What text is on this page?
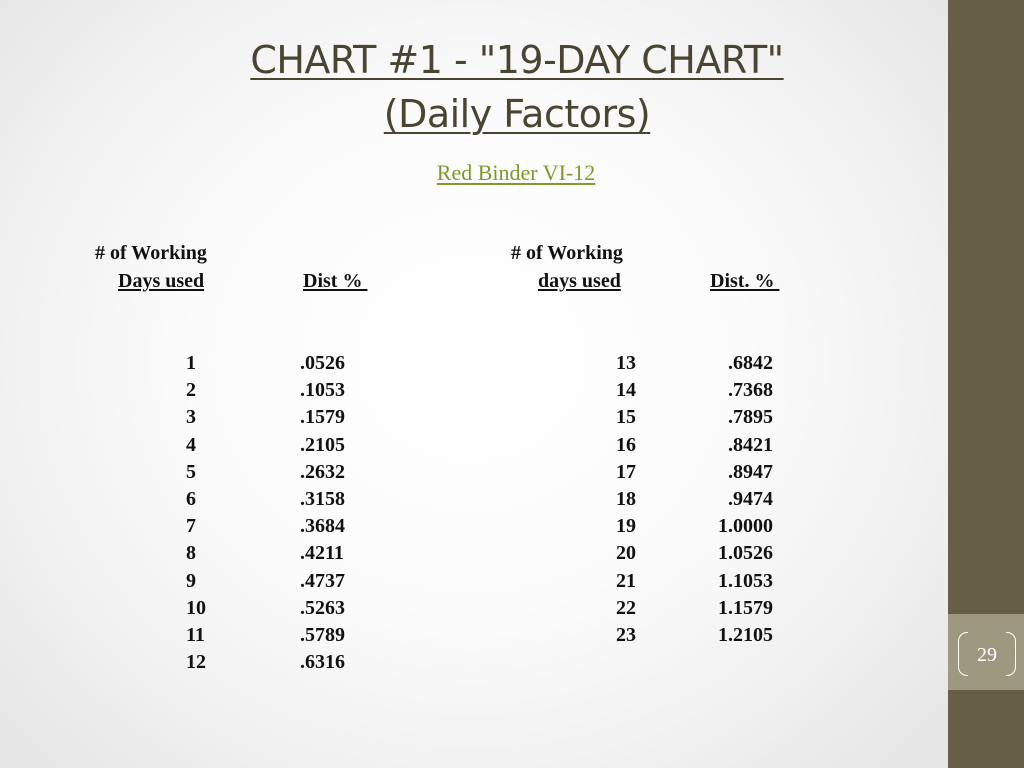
29
CHART #1 - "19-DAY CHART"
(Daily Factors)
Red Binder VI-12
# of Working
Days used	Dist %
# of Working
days used	Dist. %
1	.0526
2	.1053
3	.1579
4	.2105
5	.2632
6	.3158
7	.3684
8	.4211
9	.4737
10	.5263
11	.5789
12	.6316
13	.6842
14	.7368
15	.7895
16	.8421
17	.8947
18	.9474
19	1.0000
20	1.0526
21	1.1053
22	1.1579
23	1.2105
